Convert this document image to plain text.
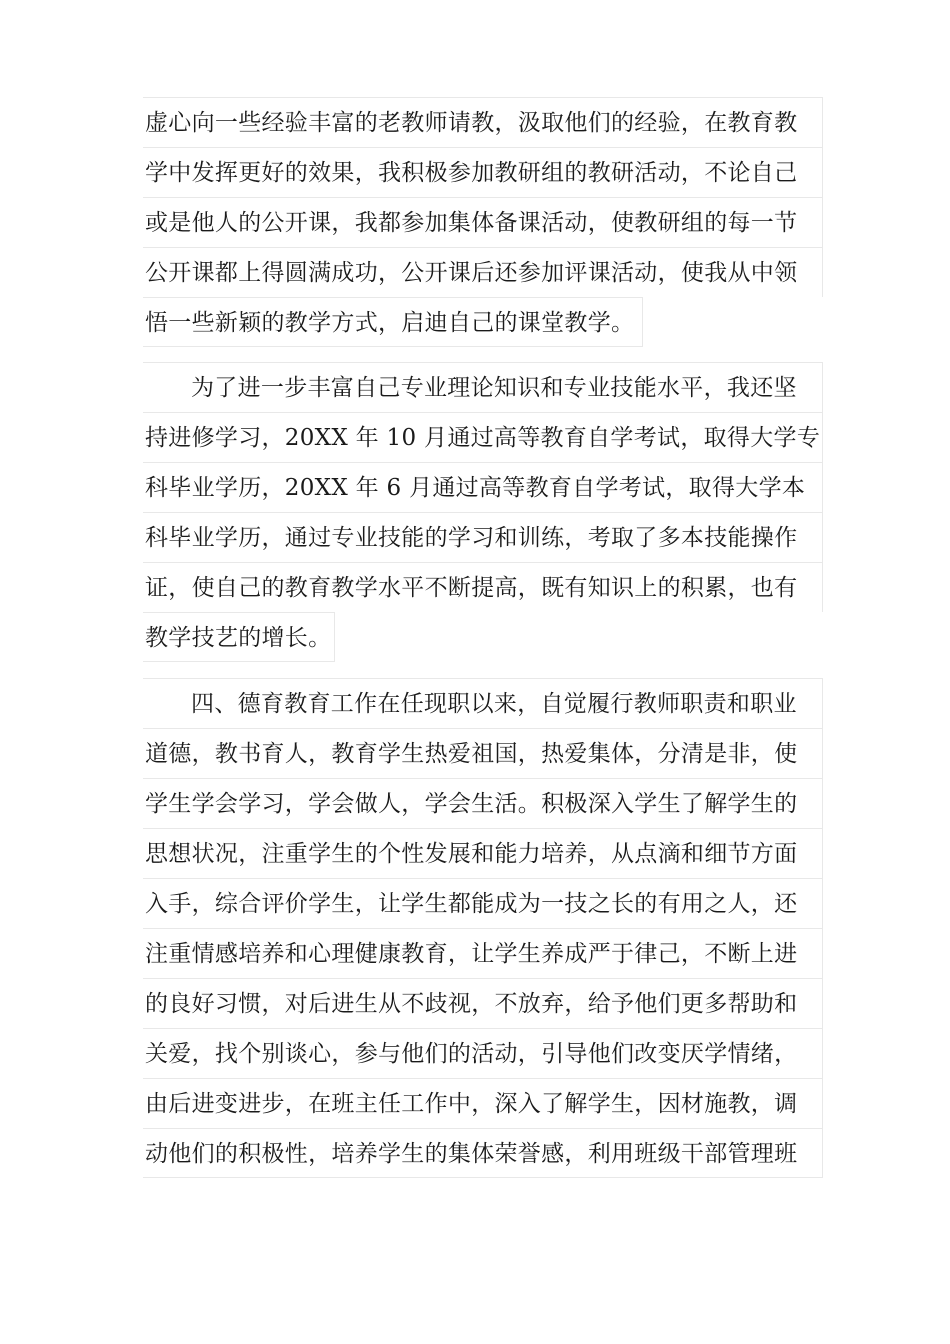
虚心向一些经验丰富的老教师请教，汲取他们的经验，在教育教
学中发挥更好的效果，我积极参加教研组的教研活动，不论自己
或是他人的公开课，我都参加集体备课活动，使教研组的每一节
公开课都上得圆满成功，公开课后还参加评课活动，使我从中领
悟一些新颖的教学方式，启迪自己的课堂教学。
为了进一步丰富自己专业理论知识和专业技能水平，我还坚
持进修学习，20XX 年 10 月通过高等教育自学考试，取得大学专
科毕业学历，20XX 年 6 月通过高等教育自学考试，取得大学本
科毕业学历，通过专业技能的学习和训练，考取了多本技能操作
证，使自己的教育教学水平不断提高，既有知识上的积累，也有
教学技艺的增长。
四、德育教育工作在任现职以来，自觉履行教师职责和职业
道德，教书育人，教育学生热爱祖国，热爱集体，分清是非，使
学生学会学习，学会做人，学会生活。积极深入学生了解学生的
思想状况，注重学生的个性发展和能力培养，从点滴和细节方面
入手，综合评价学生，让学生都能成为一技之长的有用之人，还
注重情感培养和心理健康教育，让学生养成严于律己，不断上进
的良好习惯，对后进生从不歧视，不放弃，给予他们更多帮助和
关爱，找个别谈心，参与他们的活动，引导他们改变厌学情绪，
由后进变进步，在班主任工作中，深入了解学生，因材施教，调
动他们的积极性，培养学生的集体荣誉感，利用班级干部管理班
